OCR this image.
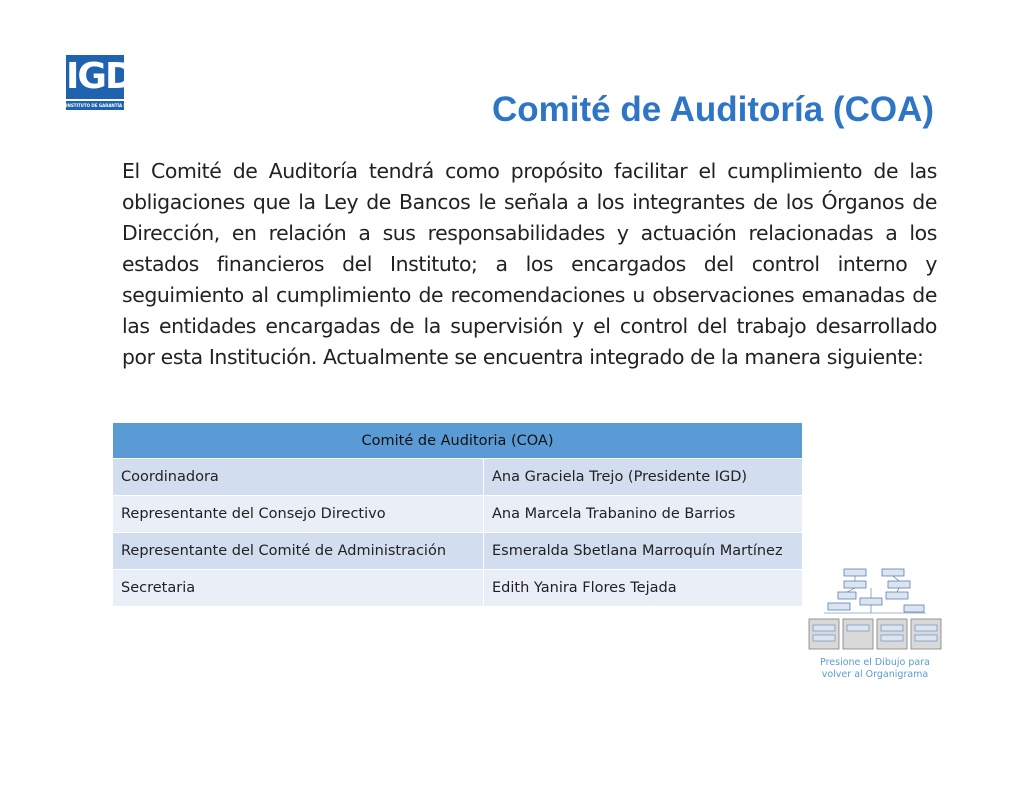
IGD
INSTITUTO DE GARANTÍA DE DEPÓSITOS	Comité de Auditoría (COA)

El Comité de Auditoría tendrá como propósito facilitar el cumplimiento de las obligaciones que la Ley de Bancos le señala a los integrantes de los Órganos de Dirección, en relación a sus responsabilidades y actuación relacionadas a los estados financieros del Instituto; a los encargados del control interno y seguimiento al cumplimiento de recomendaciones u observaciones emanadas de las entidades encargadas de la supervisión y el control del trabajo desarrollado por esta Institución. Actualmente se encuentra integrado de la manera siguiente:

Comité de Auditoria (COA)	
Coordinadora	Ana Graciela Trejo (Presidente IGD)
Representante del Consejo Directivo	Ana Marcela Trabanino de Barrios
Representante del Comité de Administración	Esmeralda Sbetlana Marroquín Martínez
Secretaria	Edith Yanira Flores Tejada
Presione el Dibujo para
volver al Organigrama
